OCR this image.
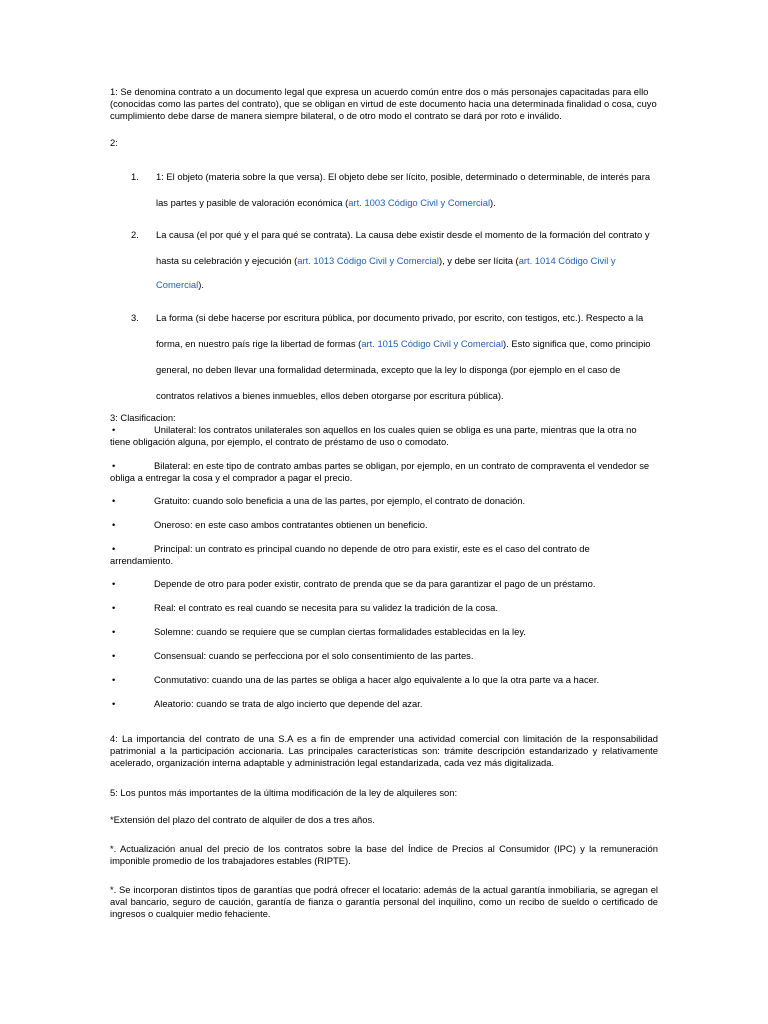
1: Se denomina contrato a un documento legal que expresa un acuerdo común entre dos o más personajes capacitadas para ello (conocidas como las partes del contrato), que se obligan en virtud de este documento hacia una determinada finalidad o cosa, cuyo cumplimiento debe darse de manera siempre bilateral, o de otro modo el contrato se dará por roto e inválido.

2:

1. 1: El objeto (materia sobre la que versa). El objeto debe ser lícito, posible, determinado o determinable, de interés para

las partes y pasible de valoración económica (art. 1003 Código Civil y Comercial).

2. La causa (el por qué y el para qué se contrata). La causa debe existir desde el momento de la formación del contrato y

hasta su celebración y ejecución (art. 1013 Código Civil y Comercial), y debe ser lícita (art. 1014 Código Civil y

Comercial).

3. La forma (si debe hacerse por escritura pública, por documento privado, por escrito, con testigos, etc.). Respecto a la

forma, en nuestro país rige la libertad de formas (art. 1015 Código Civil y Comercial). Esto significa que, como principio

general, no deben llevar una formalidad determinada, excepto que la ley lo disponga (por ejemplo en el caso de

contratos relativos a bienes inmuebles, ellos deben otorgarse por escritura pública).

3: Clasificacion:

•	Unilateral: los contratos unilaterales son aquellos en los cuales quien se obliga es una parte, mientras que la otra no
tiene obligación alguna, por ejemplo, el contrato de préstamo de uso o comodato.
•	Bilateral: en este tipo de contrato ambas partes se obligan, por ejemplo, en un contrato de compraventa el vendedor se
obliga a entregar la cosa y el comprador a pagar el precio.
•	Gratuito: cuando solo beneficia a una de las partes, por ejemplo, el contrato de donación.
•	Oneroso: en este caso ambos contratantes obtienen un beneficio.
•	Principal: un contrato es principal cuando no depende de otro para existir, este es el caso del contrato de
arrendamiento.
•	Depende de otro para poder existir, contrato de prenda que se da para garantizar el pago de un préstamo.
•	Real: el contrato es real cuando se necesita para su validez la tradición de la cosa.
•	Solemne: cuando se requiere que se cumplan ciertas formalidades establecidas en la ley.
•	Consensual: cuando se perfecciona por el solo consentimiento de las partes.
•	Conmutativo: cuando una de las partes se obliga a hacer algo equivalente a lo que la otra parte va a hacer.
•	Aleatorio: cuando se trata de algo incierto que depende del azar.

4: La importancia del contrato de una S.A es a fin de emprender una actividad comercial con limitación de la responsabilidad patrimonial a la participación accionaria. Las principales características son: trámite descripción estandarizado y relativamente acelerado, organización interna adaptable y administración legal estandarizada, cada vez más digitalizada.

5: Los puntos más importantes de la última modificación de la ley de alquileres son:

*Extensión del plazo del contrato de alquiler de dos a tres años.

*. Actualización anual del precio de los contratos sobre la base del Índice de Precios al Consumidor (IPC) y la remuneración imponible promedio de los trabajadores estables (RIPTE).

*. Se incorporan distintos tipos de garantías que podrá ofrecer el locatario: además de la actual garantía inmobiliaria, se agregan el aval bancario, seguro de caución, garantía de fianza o garantía personal del inquilino, como un recibo de sueldo o certificado de ingresos o cualquier medio fehaciente.
